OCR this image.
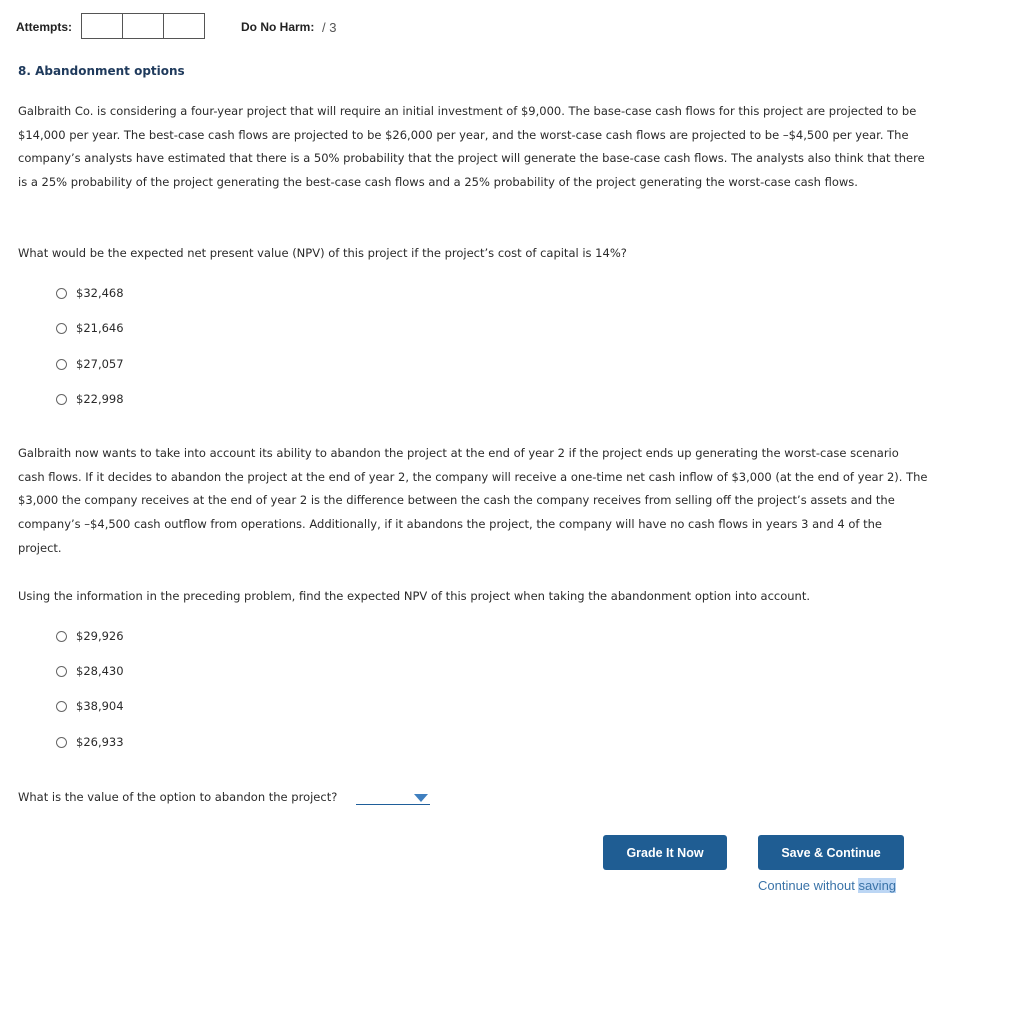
Attempts:	Do No Harm: / 3
8. Abandonment options
Galbraith Co. is considering a four-year project that will require an initial investment of $9,000. The base-case cash flows for this project are projected to be $14,000 per year. The best-case cash flows are projected to be $26,000 per year, and the worst-case cash flows are projected to be –$4,500 per year. The company’s analysts have estimated that there is a 50% probability that the project will generate the base-case cash flows. The analysts also think that there is a 25% probability of the project generating the best-case cash flows and a 25% probability of the project generating the worst-case cash flows.
What would be the expected net present value (NPV) of this project if the project’s cost of capital is 14%?
$32,468
$21,646
$27,057
$22,998
Galbraith now wants to take into account its ability to abandon the project at the end of year 2 if the project ends up generating the worst-case scenario cash flows. If it decides to abandon the project at the end of year 2, the company will receive a one-time net cash inflow of $3,000 (at the end of year 2). The $3,000 the company receives at the end of year 2 is the difference between the cash the company receives from selling off the project’s assets and the company’s –$4,500 cash outflow from operations. Additionally, if it abandons the project, the company will have no cash flows in years 3 and 4 of the project.
Using the information in the preceding problem, find the expected NPV of this project when taking the abandonment option into account.
$29,926
$28,430
$38,904
$26,933
What is the value of the option to abandon the project?
Grade It Now	Save & Continue
Continue without saving
